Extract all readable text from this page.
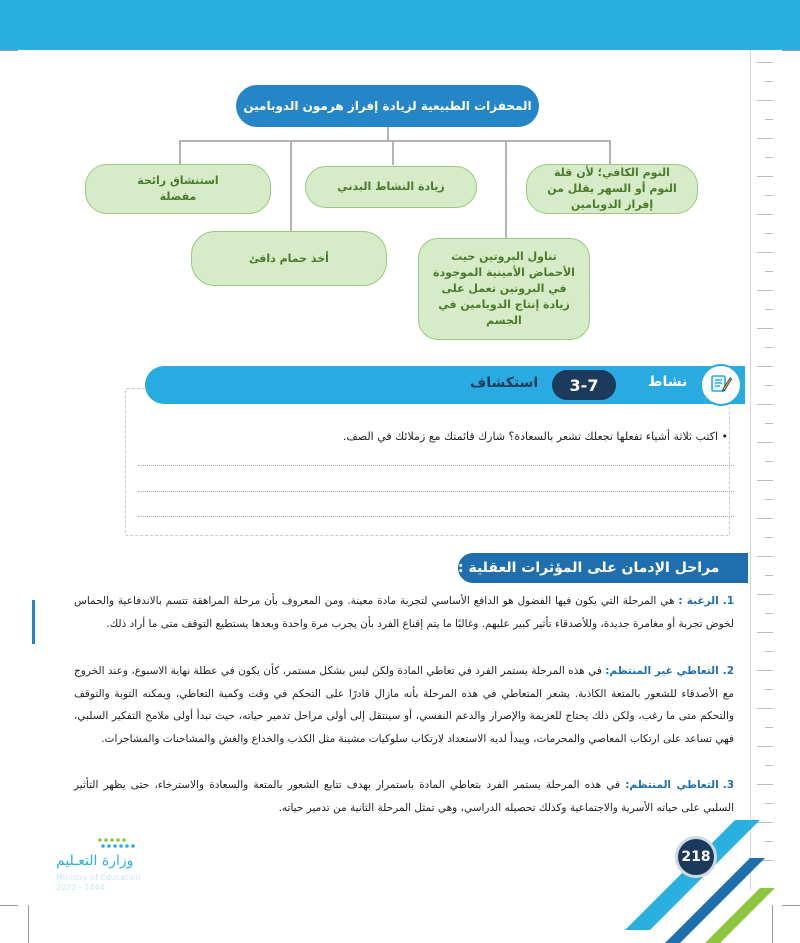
المحفزات الطبيعية لزيادة إفراز هرمون الدوبامين
النوم الكافي؛ لأن قلة النوم أو السهر يقلل من إفراز الدوبامين
زيادة النشاط البدني
استنشاق رائحة مفضلة
أخذ حمام دافئ	تناول البروتين حيث الأحماض الأمينية الموجودة في البروتين تعمل على زيادة إنتاج الدوبامين في الجسم
نشاط
3-7
استكشاف
• اكتب ثلاثة أشياء تفعلها تجعلك تشعر بالسعادة؟ شارك قائمتك مع زملائك في الصف.
مراحل الإدمان على المؤثرات العقلية :
1.الرغبة : هي المرحلة التي يكون فيها الفضول هو الدافع الأساسي لتجربة مادة معينة. ومن المعروف بأن مرحلة المراهقة تتسم بالاندفاعية والحماس لخوض تجربة أو مغامرة جديدة، وللأصدقاء تأثير كبير عليهم. وغالبًا ما يتم إقناع الفرد بأن يجرب مرة واحدة وبعدها يستطيع التوقف متى ما أراد ذلك.
2.التعاطي غير المنتظم: في هذه المرحلة يستمر الفرد في تعاطي المادة ولكن ليس بشكل مستمر، كأن يكون في عطلة نهاية الاسبوع، وعند الخروج مع الأصدقاء للشعور بالمتعة الكاذبة. يشعر المتعاطي في هذه المرحلة بأنه مازال قادرًا على التحكم في وقت وكمية التعاطي، ويمكنه التوبة والتوقف والتحكم متى ما رغب، ولكن ذلك يحتاج للعزيمة والإصرار والدعم النفسي، أو سينتقل إلى أولى مراحل تدمير حياته، حيث تبدأ أولى ملامح التفكير السلبي، فهي تساعد على ارتكاب المعاصي والمحرمات، ويبدأ لديه الاستعداد لارتكاب سلوكيات مشينة مثل الكذب والخداع والغش والمشاحنات والمشاجرات.
3.التعاطي المنتظم: في هذه المرحلة يستمر الفرد بتعاطي المادة باستمرار بهدف تتابع الشعور بالمتعة والسعادة والاسترخاء، حتى يظهر التأثير السلبي على حياته الأسرية والاجتماعية وكذلك تحصيله الدراسي، وهي تمثل المرحلة الثانية من تدمير حياته.
218
وزارة التعـليم
Ministry of Education
2022 - 1444
